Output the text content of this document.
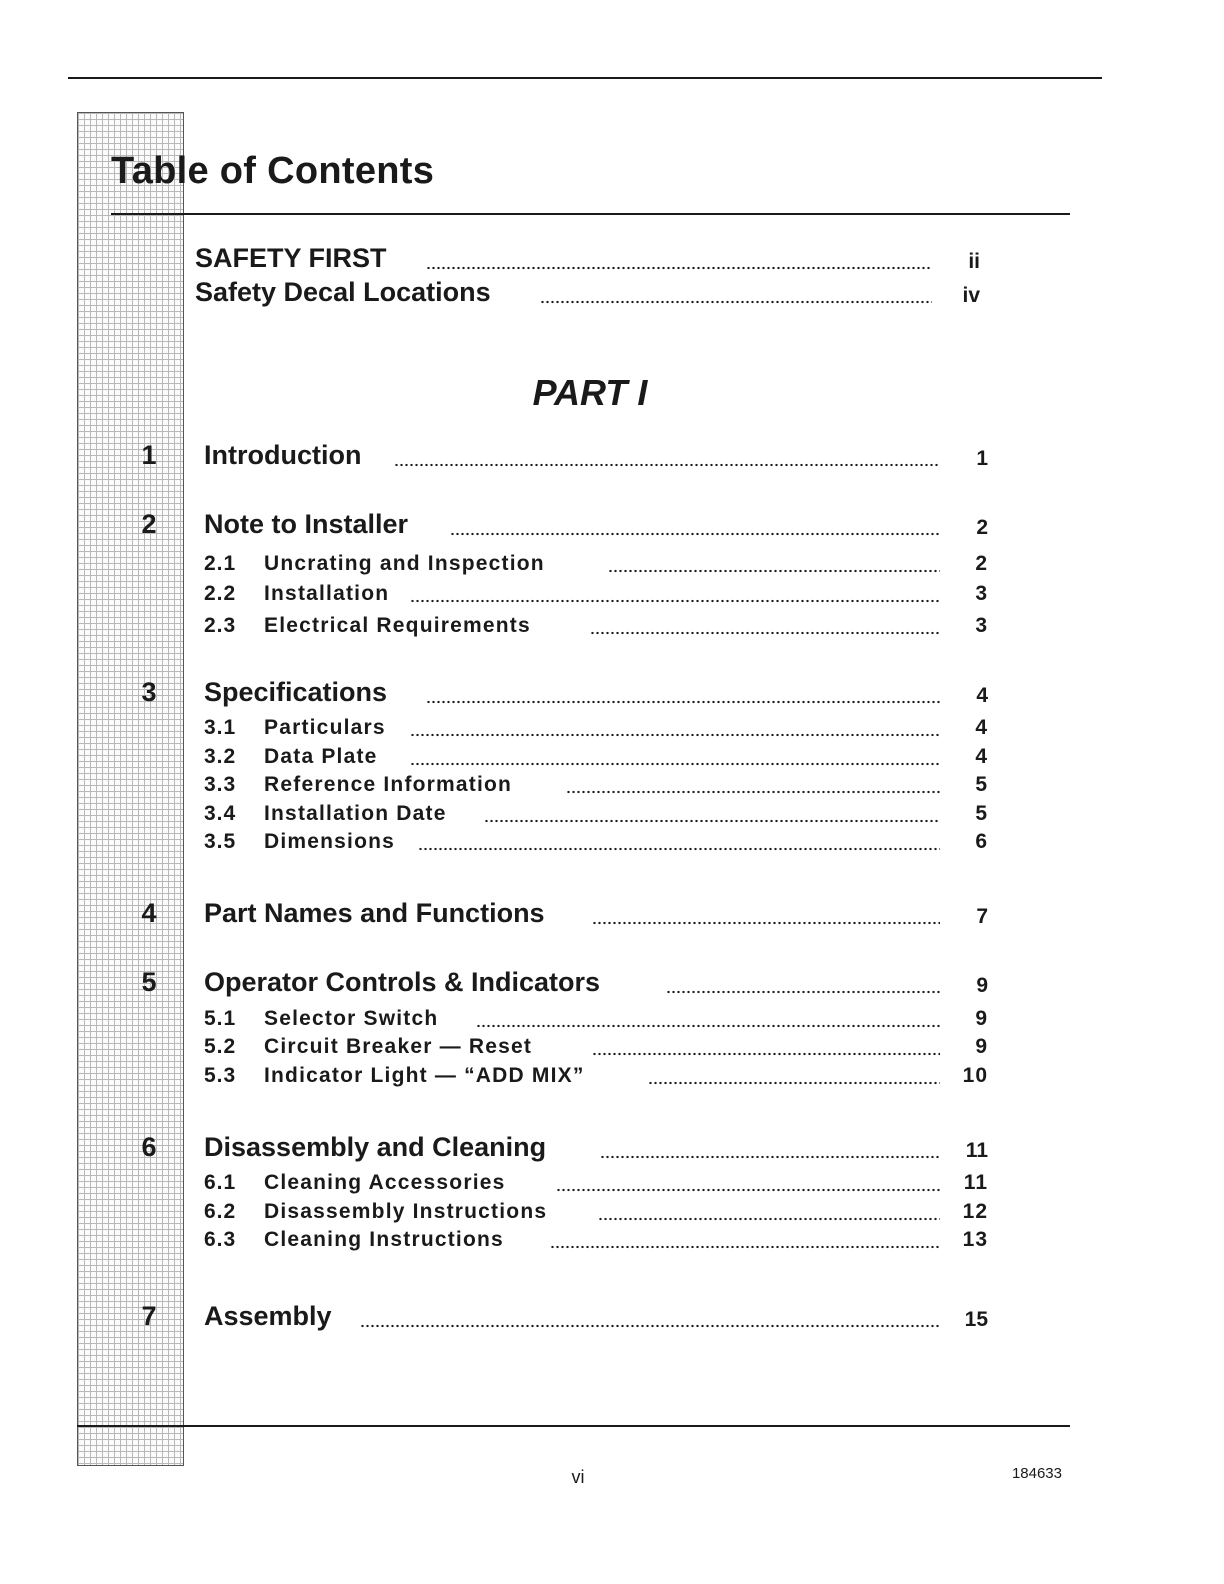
Table of Contents
SAFETY FIRST	ii
Safety Decal Locations	iv
PART I
1 Introduction	1
2 Note to Installer	2
2.1 Uncrating and Inspection	2
2.2 Installation	3
2.3 Electrical Requirements	3
3 Specifications	4
3.1 Particulars	4
3.2 Data Plate	4
3.3 Reference Information	5
3.4 Installation Date	5
3.5 Dimensions	6
4 Part Names and Functions	7
5 Operator Controls & Indicators	9
5.1 Selector Switch	9
5.2 Circuit Breaker — Reset	9
5.3 Indicator Light — “ADD MIX”	10
6 Disassembly and Cleaning	11
6.1 Cleaning Accessories	11
6.2 Disassembly Instructions	12
6.3 Cleaning Instructions	13
7 Assembly	15
vi	184633
